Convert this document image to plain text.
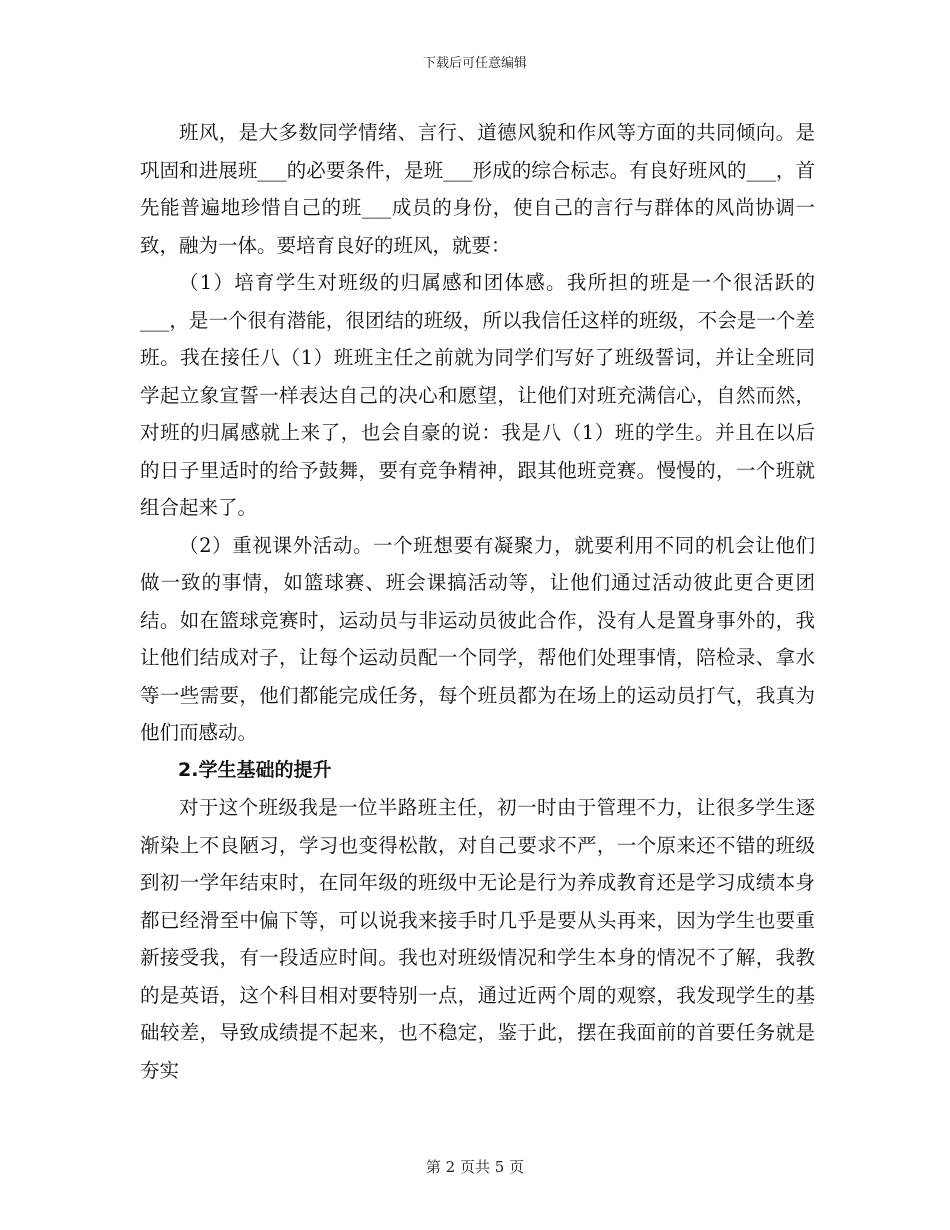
下载后可任意编辑

班风，是大多数同学情绪、言行、道德风貌和作风等方面的共同倾向。是巩固和进展班___的必要条件，是班___形成的综合标志。有良好班风的___，首先能普遍地珍惜自己的班___成员的身份，使自己的言行与群体的风尚协调一致，融为一体。要培育良好的班风，就要：

（1）培育学生对班级的归属感和团体感。我所担的班是一个很活跃的___，是一个很有潜能，很团结的班级，所以我信任这样的班级，不会是一个差班。我在接任八（1）班班主任之前就为同学们写好了班级誓词，并让全班同学起立象宣誓一样表达自己的决心和愿望，让他们对班充满信心，自然而然，对班的归属感就上来了，也会自豪的说：我是八（1）班的学生。并且在以后的日子里适时的给予鼓舞，要有竞争精神，跟其他班竞赛。慢慢的，一个班就组合起来了。

（2）重视课外活动。一个班想要有凝聚力，就要利用不同的机会让他们做一致的事情，如篮球赛、班会课搞活动等，让他们通过活动彼此更合更团结。如在篮球竞赛时，运动员与非运动员彼此合作，没有人是置身事外的，我让他们结成对子，让每个运动员配一个同学，帮他们处理事情，陪检录、拿水等一些需要，他们都能完成任务，每个班员都为在场上的运动员打气，我真为他们而感动。

2.学生基础的提升

对于这个班级我是一位半路班主任，初一时由于管理不力，让很多学生逐渐染上不良陋习，学习也变得松散，对自己要求不严，一个原来还不错的班级到初一学年结束时，在同年级的班级中无论是行为养成教育还是学习成绩本身都已经滑至中偏下等，可以说我来接手时几乎是要从头再来，因为学生也要重新接受我，有一段适应时间。我也对班级情况和学生本身的情况不了解，我教的是英语，这个科目相对要特别一点，通过近两个周的观察，我发现学生的基础较差，导致成绩提不起来，也不稳定，鉴于此，摆在我面前的首要任务就是夯实

第 2 页共 5 页
